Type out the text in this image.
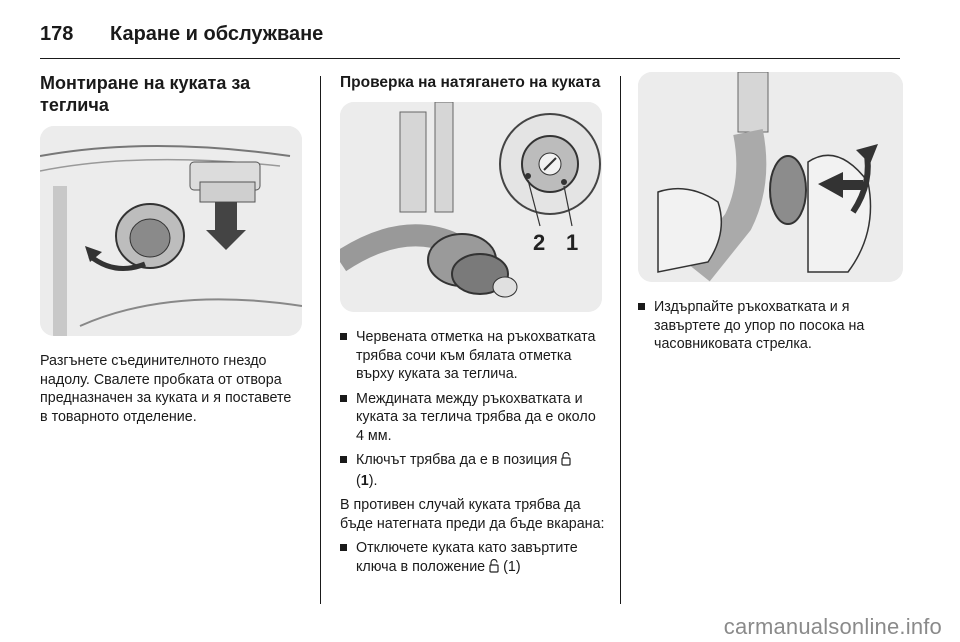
178	Каране и обслужване
Монтиране на куката за теглича

Разгънете съединителното гнездо надолу. Свалете пробката от отвора предназначен за куката и я поставете в товарното отделение.

Проверка на натягането на куката
2 1
Червената отметка на ръкохватката трябва сочи към бялата отметка върху куката за теглича.
Междината между ръкохватката и куката за теглича трябва да е около 4 мм.
Ключът трябва да е в позиция
(1).

В противен случай куката трябва да бъде натегната преди да бъде вкарана:

Отключете куката като завъртите ключа в положение (1)
Издърпайте ръкохватката и я завъртете до упор по посока на часовниковата стрелка.
carmanualsonline.info
